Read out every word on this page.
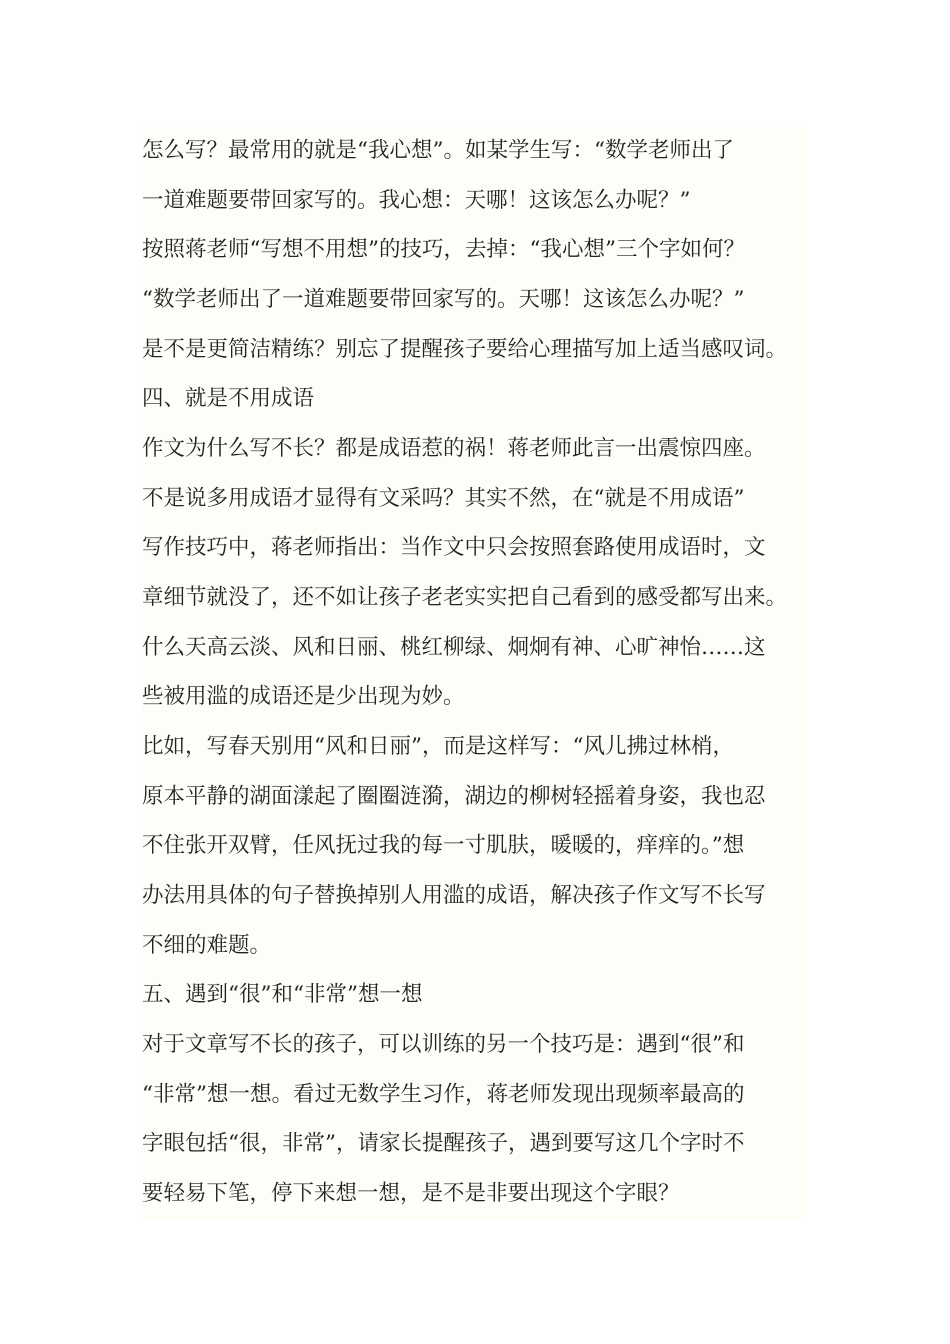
怎么写？最常用的就是“我心想”。如某学生写：“数学老师出了
一道难题要带回家写的。我心想：天哪！这该怎么办呢？”
按照蒋老师“写想不用想”的技巧，去掉：“我心想”三个字如何？
“数学老师出了一道难题要带回家写的。天哪！这该怎么办呢？”
是不是更简洁精练？别忘了提醒孩子要给心理描写加上适当感叹词。
四、就是不用成语
作文为什么写不长？都是成语惹的祸！蒋老师此言一出震惊四座。
不是说多用成语才显得有文采吗？其实不然，在“就是不用成语”
写作技巧中，蒋老师指出：当作文中只会按照套路使用成语时，文
章细节就没了，还不如让孩子老老实实把自己看到的感受都写出来。
什么天高云淡、风和日丽、桃红柳绿、炯炯有神、心旷神怡……这
些被用滥的成语还是少出现为妙。
比如，写春天别用“风和日丽”，而是这样写：“风儿拂过林梢，
原本平静的湖面漾起了圈圈涟漪，湖边的柳树轻摇着身姿，我也忍
不住张开双臂，任风抚过我的每一寸肌肤，暖暖的，痒痒的。”想
办法用具体的句子替换掉别人用滥的成语，解决孩子作文写不长写
不细的难题。
五、遇到“很”和“非常”想一想
对于文章写不长的孩子，可以训练的另一个技巧是：遇到“很”和
“非常”想一想。看过无数学生习作，蒋老师发现出现频率最高的
字眼包括“很，非常”，请家长提醒孩子，遇到要写这几个字时不
要轻易下笔，停下来想一想，是不是非要出现这个字眼？
